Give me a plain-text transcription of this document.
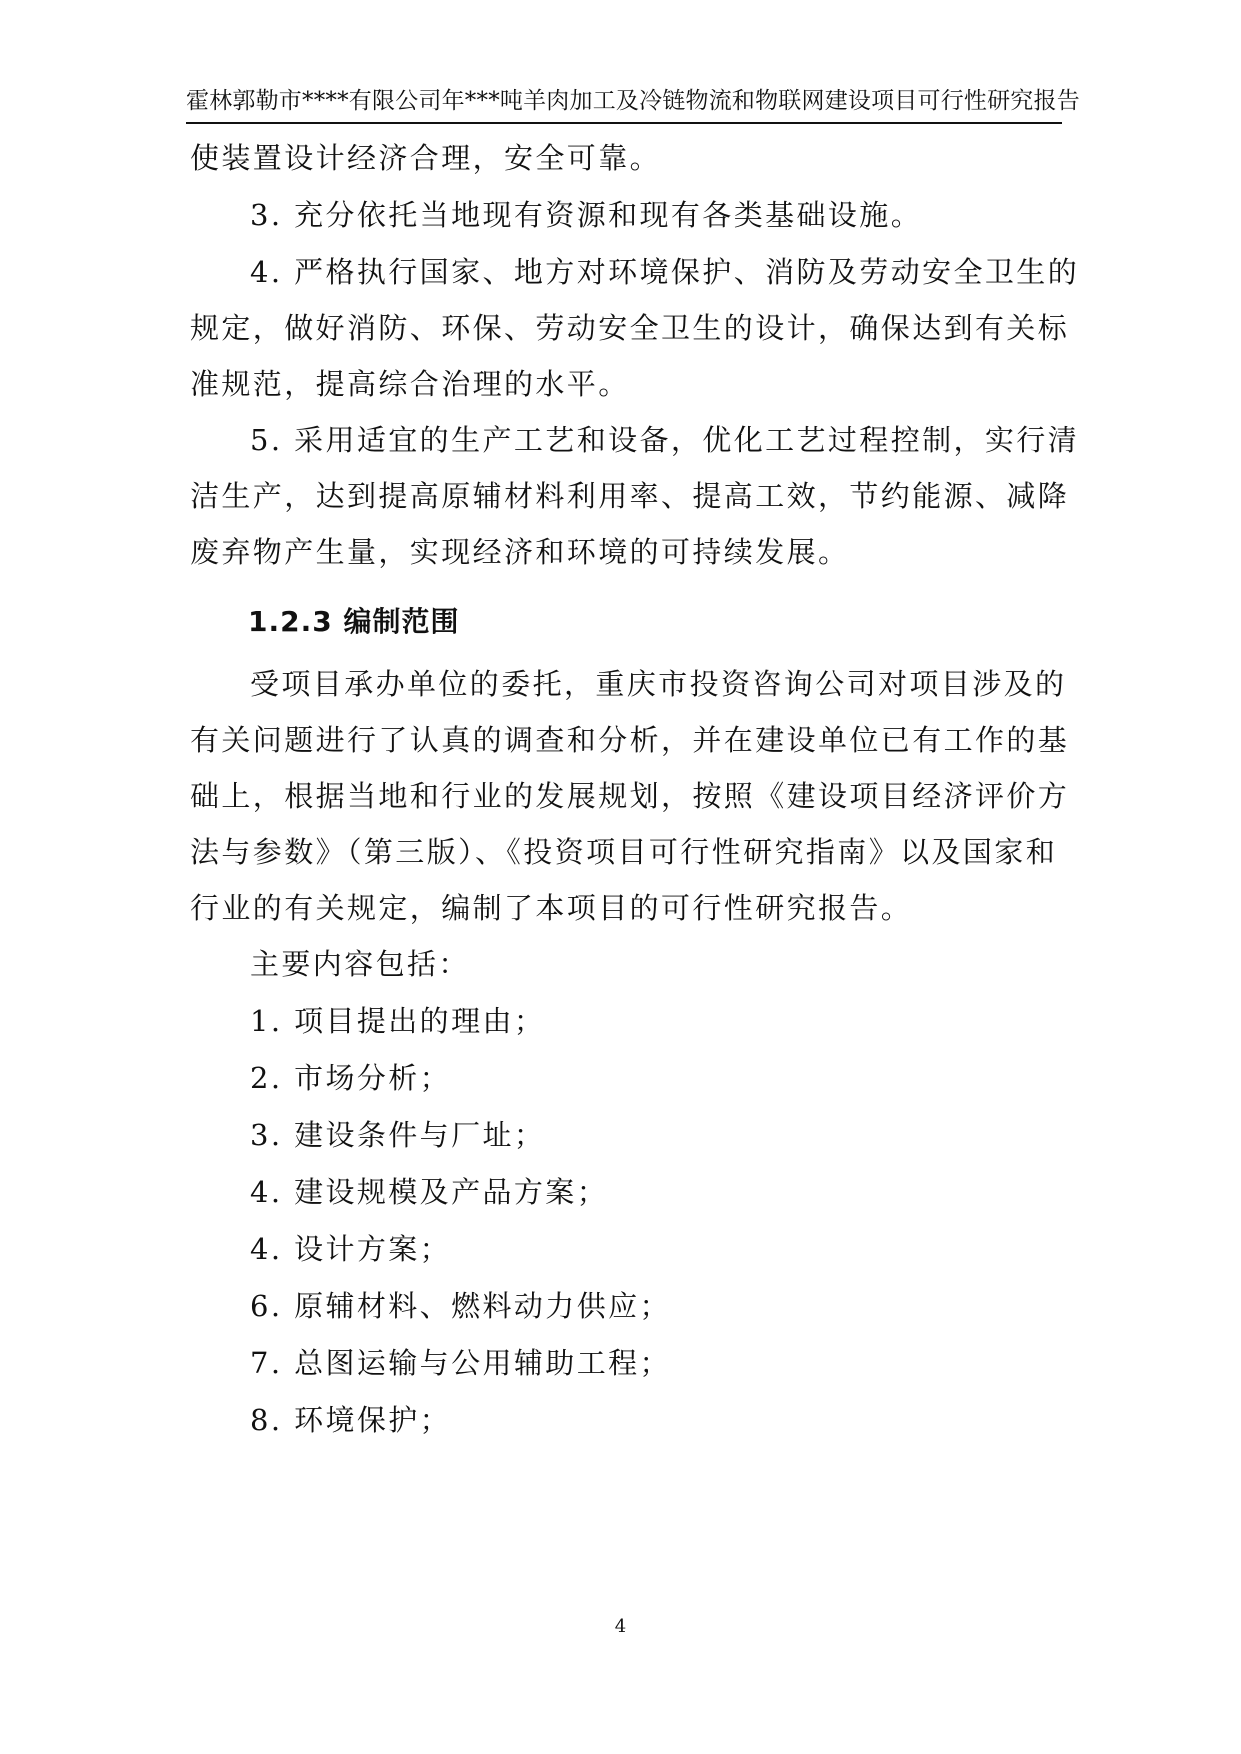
霍林郭勒市****有限公司年***吨羊肉加工及冷链物流和物联网建设项目可行性研究报告
使装置设计经济合理，安全可靠。
3. 充分依托当地现有资源和现有各类基础设施。
4. 严格执行国家、地方对环境保护、消防及劳动安全卫生的
规定，做好消防、环保、劳动安全卫生的设计，确保达到有关标
准规范，提高综合治理的水平。
5. 采用适宜的生产工艺和设备，优化工艺过程控制，实行清
洁生产，达到提高原辅材料利用率、提高工效，节约能源、减降
废弃物产生量，实现经济和环境的可持续发展。
1.2.3 编制范围
受项目承办单位的委托，重庆市投资咨询公司对项目涉及的
有关问题进行了认真的调查和分析，并在建设单位已有工作的基
础上，根据当地和行业的发展规划，按照《建设项目经济评价方
法与参数》（第三版）、《投资项目可行性研究指南》以及国家和
行业的有关规定，编制了本项目的可行性研究报告。
主要内容包括：
1. 项目提出的理由；
2. 市场分析；
3. 建设条件与厂址；
4. 建设规模及产品方案；
4. 设计方案；
6. 原辅材料、燃料动力供应；
7. 总图运输与公用辅助工程；
8. 环境保护；
4
